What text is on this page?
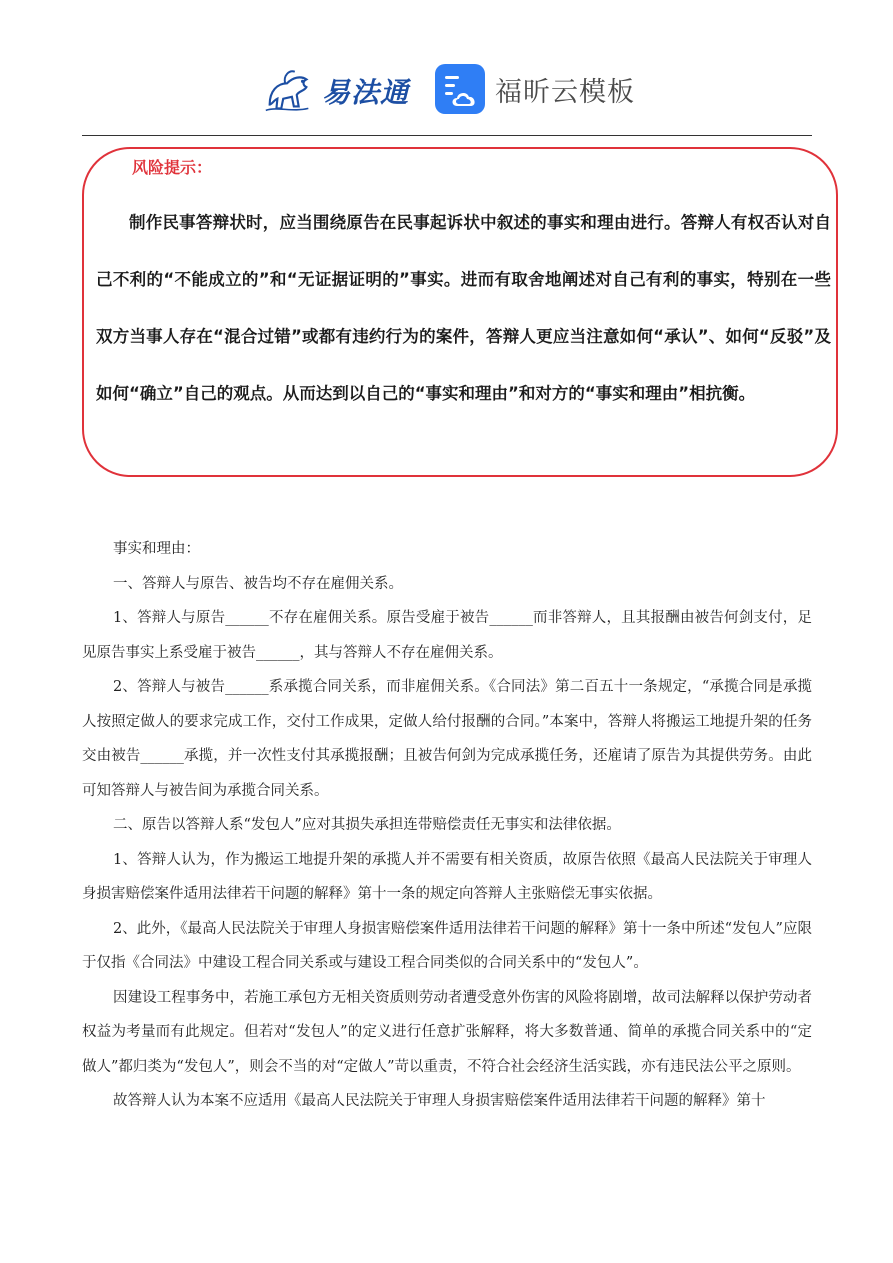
易法通	福昕云模板
风险提示：

制作民事答辩状时，应当围绕原告在民事起诉状中叙述的事实和理由进行。答辩人有权否认对自己不利的“不能成立的”和“无证据证明的”事实。进而有取舍地阐述对自己有利的事实，特别在一些双方当事人存在“混合过错”或都有违约行为的案件，答辩人更应当注意如何“承认”、如何“反驳”及如何“确立”自己的观点。从而达到以自己的“事实和理由”和对方的“事实和理由”相抗衡。

事实和理由：

一、答辩人与原告、被告均不存在雇佣关系。

1、答辩人与原告______不存在雇佣关系。原告受雇于被告______而非答辩人，且其报酬由被告何剑支付，足见原告事实上系受雇于被告______，其与答辩人不存在雇佣关系。

2、答辩人与被告______系承揽合同关系，而非雇佣关系。《合同法》第二百五十一条规定，“承揽合同是承揽人按照定做人的要求完成工作，交付工作成果，定做人给付报酬的合同。”本案中，答辩人将搬运工地提升架的任务交由被告______承揽，并一次性支付其承揽报酬；且被告何剑为完成承揽任务，还雇请了原告为其提供劳务。由此可知答辩人与被告间为承揽合同关系。

二、原告以答辩人系“发包人”应对其损失承担连带赔偿责任无事实和法律依据。

1、答辩人认为，作为搬运工地提升架的承揽人并不需要有相关资质，故原告依照《最高人民法院关于审理人身损害赔偿案件适用法律若干问题的解释》第十一条的规定向答辩人主张赔偿无事实依据。

2、此外，《最高人民法院关于审理人身损害赔偿案件适用法律若干问题的解释》第十一条中所述“发包人”应限于仅指《合同法》中建设工程合同关系或与建设工程合同类似的合同关系中的“发包人”。

因建设工程事务中，若施工承包方无相关资质则劳动者遭受意外伤害的风险将剧增，故司法解释以保护劳动者权益为考量而有此规定。但若对“发包人”的定义进行任意扩张解释，将大多数普通、简单的承揽合同关系中的“定做人”都归类为“发包人”，则会不当的对“定做人”苛以重责，不符合社会经济生活实践，亦有违民法公平之原则。

故答辩人认为本案不应适用《最高人民法院关于审理人身损害赔偿案件适用法律若干问题的解释》第十
